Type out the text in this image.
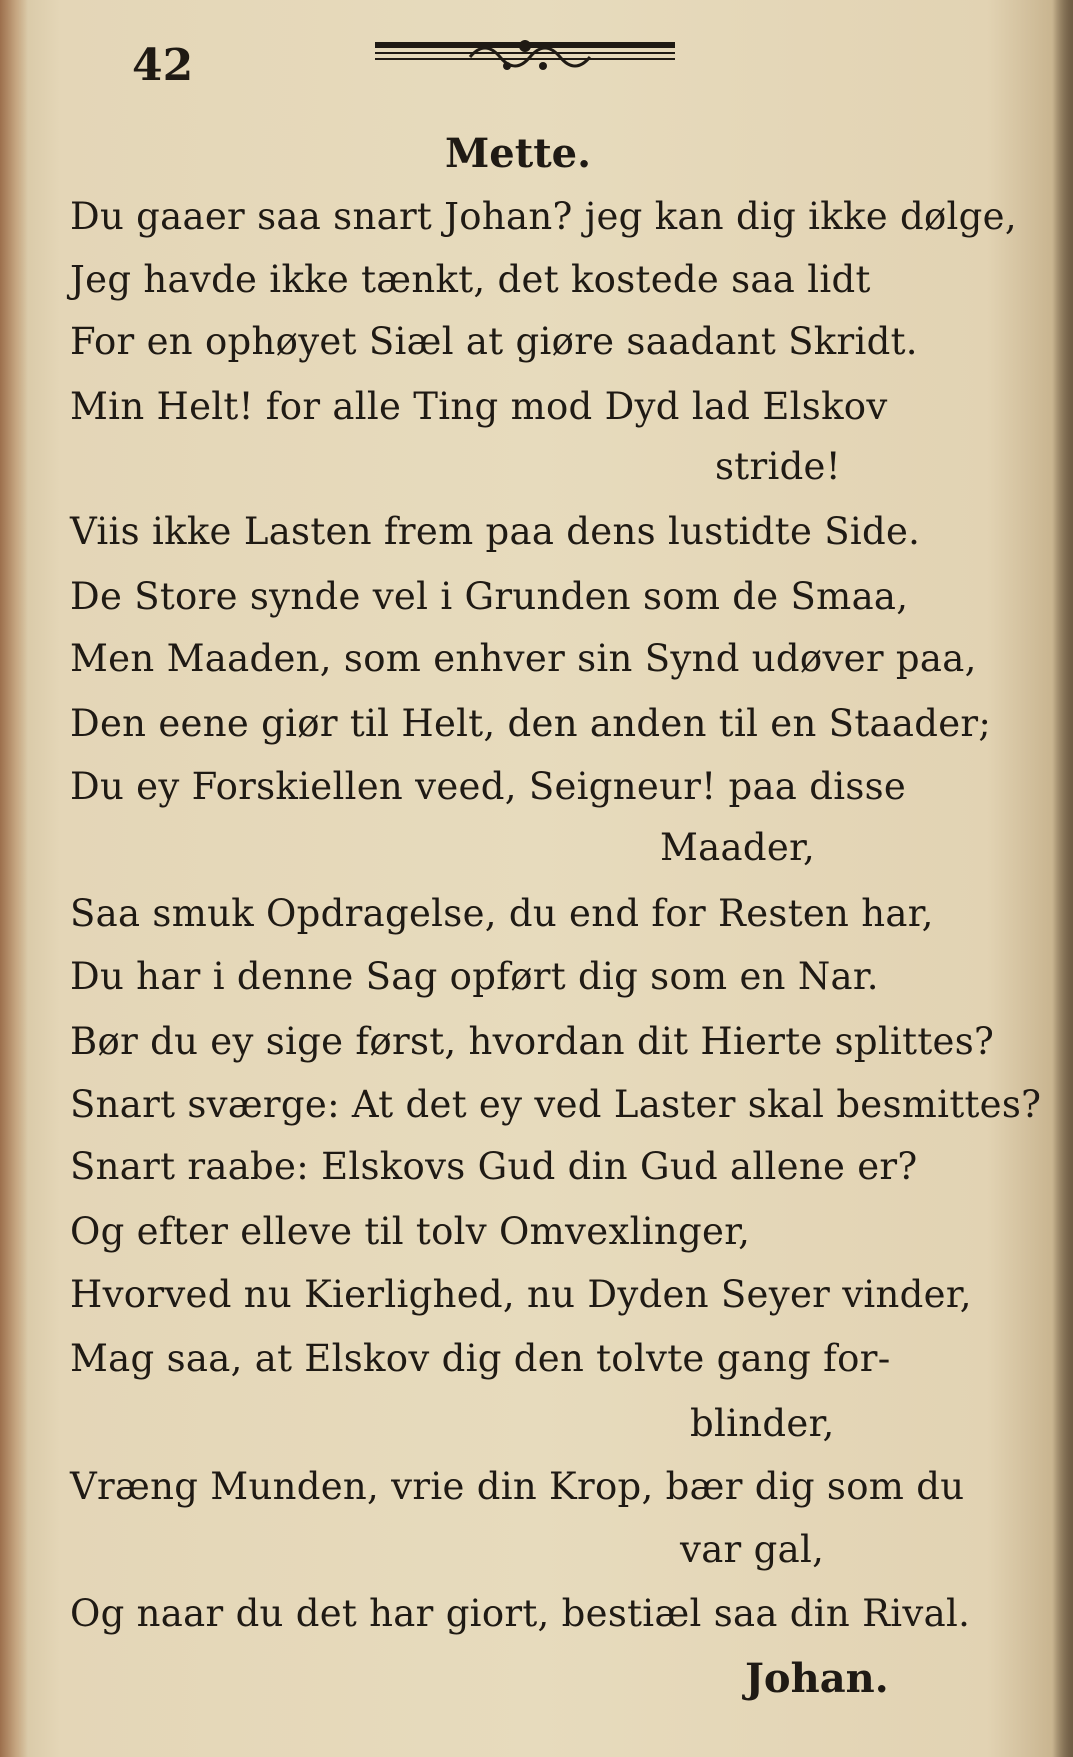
42
Mette.
Du gaaer saa snart Johan? jeg kan dig ikke dølge,
Jeg havde ikke tænkt, det kostede saa lidt
For en ophøyet Siæl at giøre saadant Skridt.
Min Helt! for alle Ting mod Dyd lad Elskov
stride!
Viis ikke Lasten frem paa dens lustidte Side.
De Store synde vel i Grunden som de Smaa,
Men Maaden, som enhver sin Synd udøver paa,
Den eene giør til Helt, den anden til en Staader;
Du ey Forskiellen veed, Seigneur! paa disse
Maader,
Saa smuk Opdragelse, du end for Resten har,
Du har i denne Sag opført dig som en Nar.
Bør du ey sige først, hvordan dit Hierte splittes?
Snart sværge: At det ey ved Laster skal besmittes?
Snart raabe: Elskovs Gud din Gud allene er?
Og efter elleve til tolv Omvexlinger,
Hvorved nu Kierlighed, nu Dyden Seyer vinder,
Mag saa, at Elskov dig den tolvte gang for-
blinder,
Vræng Munden, vrie din Krop, bær dig som du
var gal,
Og naar du det har giort, bestiæl saa din Rival.
Johan.
